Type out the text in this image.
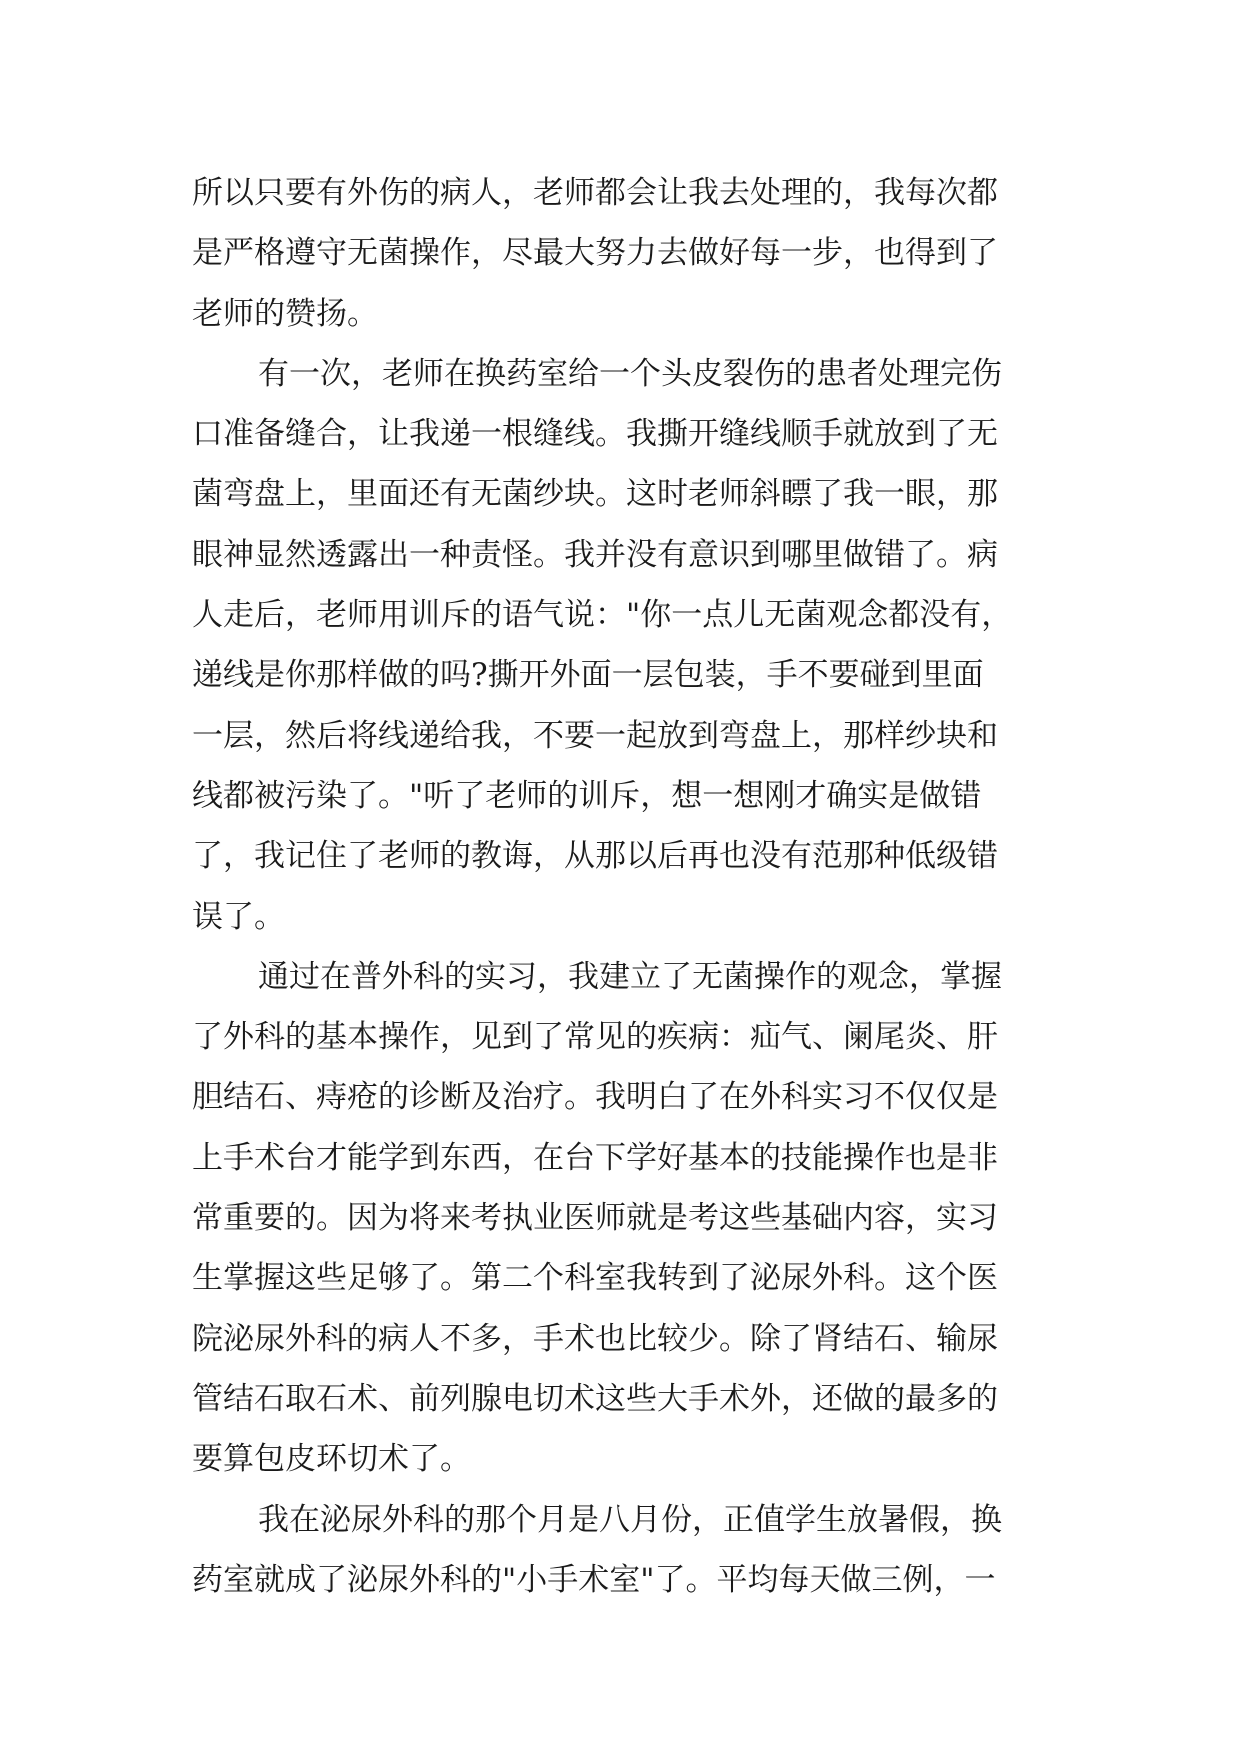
所以只要有外伤的病人，老师都会让我去处理的，我每次都
是严格遵守无菌操作，尽最大努力去做好每一步，也得到了
老师的赞扬。
有一次，老师在换药室给一个头皮裂伤的患者处理完伤
口准备缝合，让我递一根缝线。我撕开缝线顺手就放到了无
菌弯盘上，里面还有无菌纱块。这时老师斜瞟了我一眼，那
眼神显然透露出一种责怪。我并没有意识到哪里做错了。病
人走后，老师用训斥的语气说："你一点儿无菌观念都没有，
递线是你那样做的吗?撕开外面一层包装，手不要碰到里面
一层，然后将线递给我，不要一起放到弯盘上，那样纱块和
线都被污染了。"听了老师的训斥，想一想刚才确实是做错
了，我记住了老师的教诲，从那以后再也没有范那种低级错
误了。
通过在普外科的实习，我建立了无菌操作的观念，掌握
了外科的基本操作，见到了常见的疾病：疝气、阑尾炎、肝
胆结石、痔疮的诊断及治疗。我明白了在外科实习不仅仅是
上手术台才能学到东西，在台下学好基本的技能操作也是非
常重要的。因为将来考执业医师就是考这些基础内容，实习
生掌握这些足够了。第二个科室我转到了泌尿外科。这个医
院泌尿外科的病人不多，手术也比较少。除了肾结石、输尿
管结石取石术、前列腺电切术这些大手术外，还做的最多的
要算包皮环切术了。
我在泌尿外科的那个月是八月份，正值学生放暑假，换
药室就成了泌尿外科的"小手术室"了。平均每天做三例，一
